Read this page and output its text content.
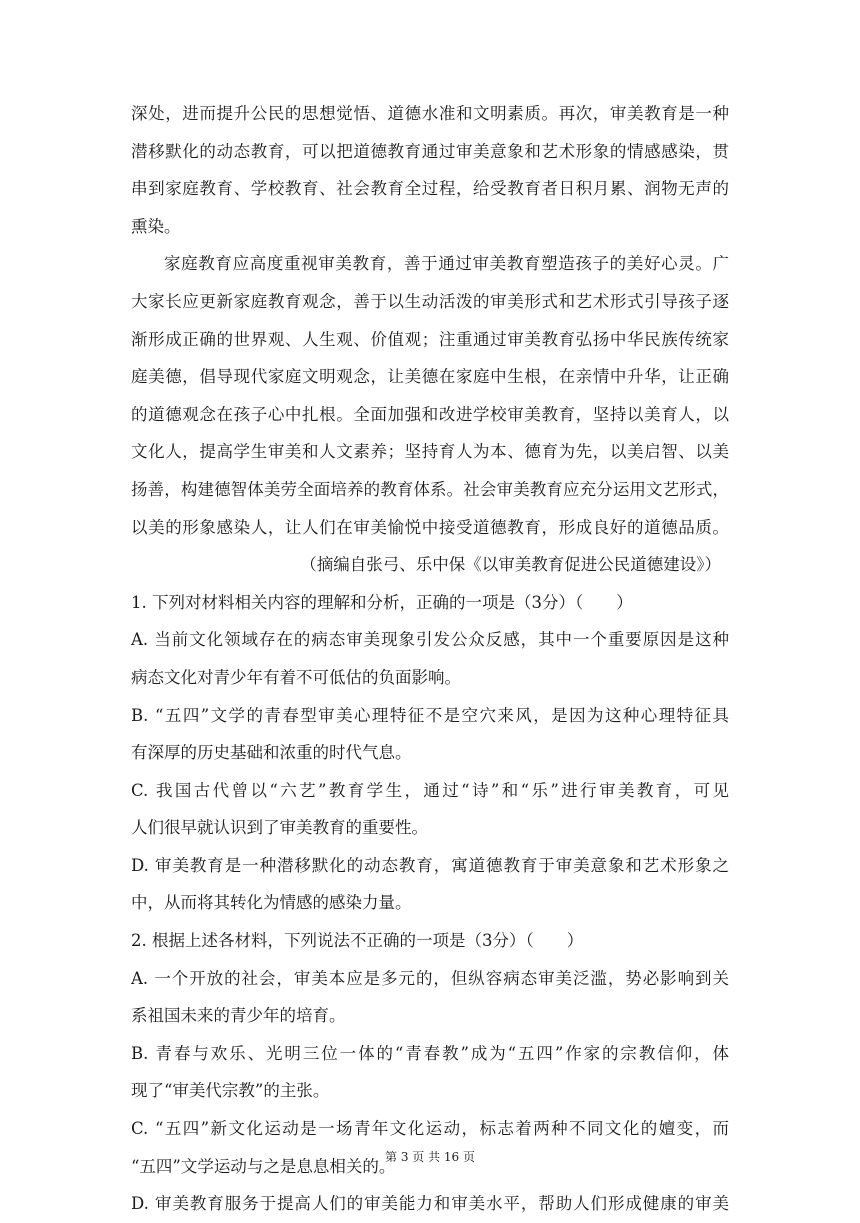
深处，进而提升公民的思想觉悟、道德水准和文明素质。再次，审美教育是一种
潜移默化的动态教育，可以把道德教育通过审美意象和艺术形象的情感感染，贯
串到家庭教育、学校教育、社会教育全过程，给受教育者日积月累、润物无声的
熏染。
家庭教育应高度重视审美教育，善于通过审美教育塑造孩子的美好心灵。广
大家长应更新家庭教育观念，善于以生动活泼的审美形式和艺术形式引导孩子逐
渐形成正确的世界观、人生观、价值观；注重通过审美教育弘扬中华民族传统家
庭美德，倡导现代家庭文明观念，让美德在家庭中生根，在亲情中升华，让正确
的道德观念在孩子心中扎根。全面加强和改进学校审美教育，坚持以美育人，以
文化人，提高学生审美和人文素养；坚持育人为本、德育为先，以美启智、以美
扬善，构建德智体美劳全面培养的教育体系。社会审美教育应充分运用文艺形式，
以美的形象感染人，让人们在审美愉悦中接受道德教育，形成良好的道德品质。
（摘编自张弓、乐中保《以审美教育促进公民道德建设》）
1. 下列对材料相关内容的理解和分析，正确的一项是（3分）（　　）
A. 当前文化领域存在的病态审美现象引发公众反感，其中一个重要原因是这种
病态文化对青少年有着不可低估的负面影响。
B. “五四”文学的青春型审美心理特征不是空穴来风，是因为这种心理特征具
有深厚的历史基础和浓重的时代气息。
C. 我国古代曾以“六艺”教育学生，通过“诗”和“乐”进行审美教育，可见
人们很早就认识到了审美教育的重要性。
D. 审美教育是一种潜移默化的动态教育，寓道德教育于审美意象和艺术形象之
中，从而将其转化为情感的感染力量。
2. 根据上述各材料，下列说法不正确的一项是（3分）（　　）
A. 一个开放的社会，审美本应是多元的，但纵容病态审美泛滥，势必影响到关
系祖国未来的青少年的培育。
B. 青春与欢乐、光明三位一体的“青春教”成为“五四”作家的宗教信仰，体
现了“审美代宗教”的主张。
C. “五四”新文化运动是一场青年文化运动，标志着两种不同文化的嬗变，而
“五四”文学运动与之是息息相关的。
D. 审美教育服务于提高人们的审美能力和审美水平，帮助人们形成健康的审美
第 3 页 共 16 页
